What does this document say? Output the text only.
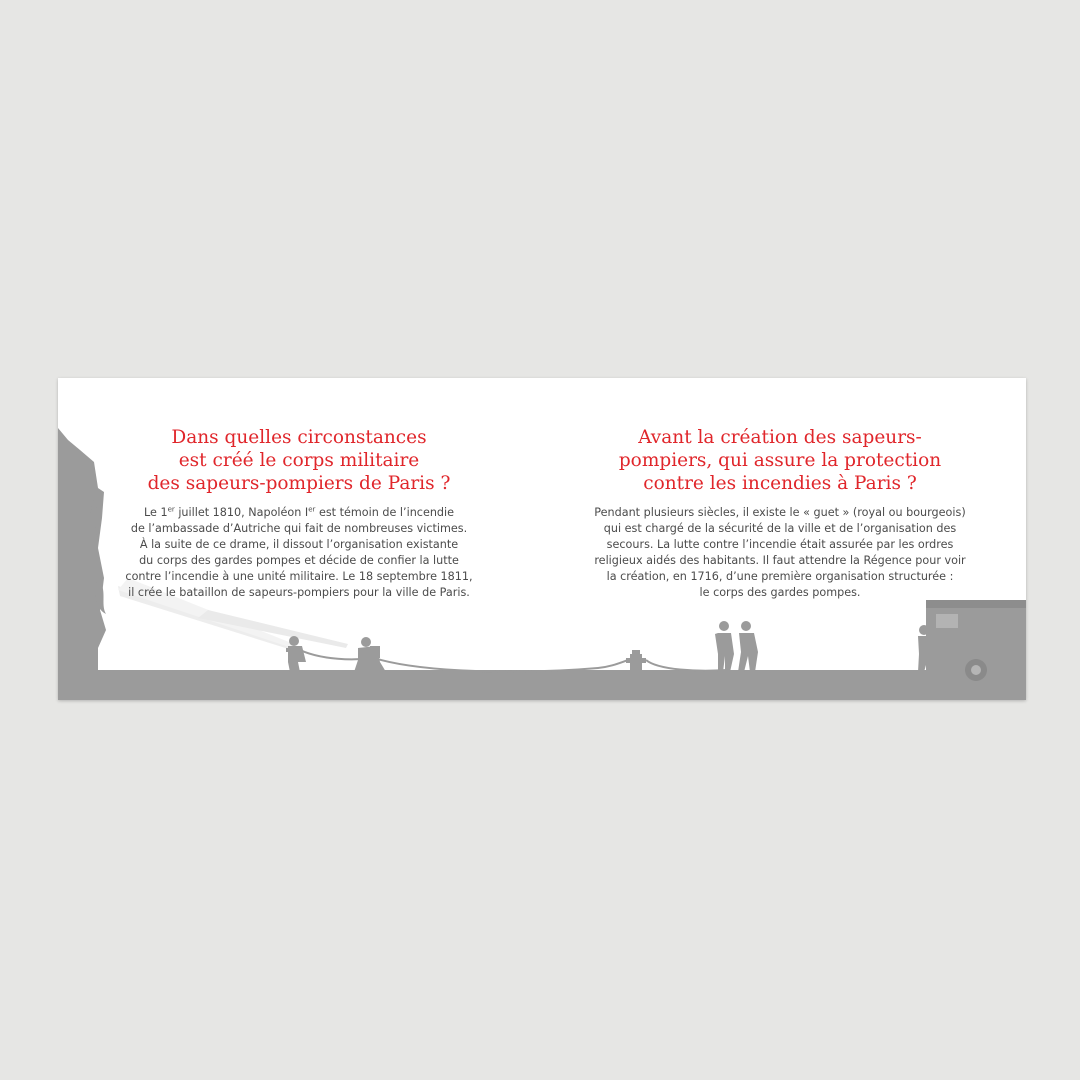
Dans quelles circonstances
est créé le corps militaire
des sapeurs-pompiers de Paris ?

Le 1er juillet 1810, Napoléon Ier est témoin de l’incendie
de l’ambassade d’Autriche qui fait de nombreuses victimes.
À la suite de ce drame, il dissout l’organisation existante
du corps des gardes pompes et décide de confier la lutte
contre l’incendie à une unité militaire. Le 18 septembre 1811,
il crée le bataillon de sapeurs-pompiers pour la ville de Paris.

Avant la création des sapeurs-
pompiers, qui assure la protection
contre les incendies à Paris ?

Pendant plusieurs siècles, il existe le « guet » (royal ou bourgeois)
qui est chargé de la sécurité de la ville et de l’organisation des
secours. La lutte contre l’incendie était assurée par les ordres
religieux aidés des habitants. Il faut attendre la Régence pour voir
la création, en 1716, d’une première organisation structurée :
le corps des gardes pompes.
